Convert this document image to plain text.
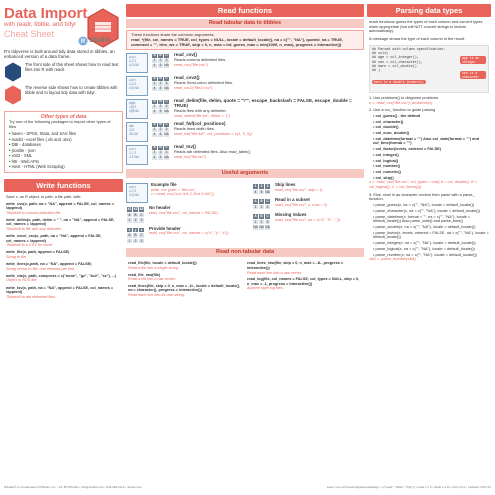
Data Import
with readr, tibble, and tidyr
Cheat Sheet
R Studio
R's tidyverse is built around tidy data stored in tibbles, an enhanced version of a data frame.
The front side of this sheet shows how to read text files into R with readr.
The reverse side shows how to create tibbles with tibble and to layout tidy data with tidyr.
Other types of data
Try one of the following packages to import other types of files
• haven - SPSS, Stata, and SAS files
• readxl - excel files (.xls and .xlsx)
• DBI - databases
• jsonlite - json
• xml2 - XML
• httr - Web APIs
• rvest - HTML (Web Scraping)
Write functions
Save x, an R object, to path, a file path, with:
write_csv(x, path, na = "NA", append = FALSE, col_names = !append)
Tibble/df to comma delimited file.
write_delim(x, path, delim = " ", na = "NA", append = FALSE, col_names = !append)
Tibble/df to file with any delimiter.
write_excel_csv(x, path, na = "NA", append = FALSE, col_names = !append)
Tibble/df to a CSV for excel
write_file(x, path, append = FALSE)
String to file.
write_lines(x,path, na = "NA", append = FALSE)
String vector to file, one element per line.
write_rds(x, path, compress = c("none", "gz", "bz2", "xz"), ...)
Object to RDS file.
write_tsv(x, path, na = "NA", append = FALSE, col_names = !append)
Tibble/df to tab delimited files.
Read functions
Read tabular data to tibbles
These functions share the common arguments:
read_*(file, col_names = TRUE, col_types = NULL, locale = default_locale(), na = c("", "NA"), quoted_na = TRUE, comment = "", trim_ws = TRUE, skip = 0, n_max = Inf, guess_max = min(1000, n_max), progress = interactive())
a,b,c
1,2,3
4,5,NA
A	B	C
1	2	3
4	5	NA
read_csv()
Reads comma delimited files.
read_csv("file.csv")
a;b;c
1;2;3
4;5;NA
A	B	C
1	2	3
4	5	NA
read_csv2()
Reads Semi-colon delimited files.
read_csv2("file2.csv")
a|b|c
1|2|3
4|5|NA
A	B	C
1	2	3
4	5	NA
read_delim(file, delim, quote = "\"", escape_backslash = FALSE, escape_double = TRUE)
Reads files with any delimiter.
read_delim("file.txt", delim = "|")
abc
123
45 NA
A	B	C
1	2	3
4	5	NA
read_fwf(col_positions)
Reads fixed width files.
read_fwf("file.fwf", col_positions = c(1, 3, 5))
a b c
1 2 3
4 5 NA
A	B	C
1	2	3
4	5	NA
read_tsv()
Reads tab delimited files. Also read_table().
read_tsv("file.tsv")
Useful arguments
a,b,c
1,2,3
4,5,NA
Example file
write_csv (path = "file.csv",
x = read_csv("a,b,c\n1,2,3\n4,5,NA"))
X1	X2	X3
A	B	C
1	2	3
No header
read_csv("file.csv", col_names = FALSE)
x	y	z
A	B	C
1	2	3
Provide header
read_csv("file.csv", col_names = c("x", "y", "z"))
1	2	3
4	5	NA
Skip lines
read_csv("file.csv", skip = 1)
A	B	C
1	2	3
Read in a subset
read_csv("file.csv", n_max = 1)
A	B	C
1	2	3
NA	NA	NA
Missing Values
read_csv("file.csv", na = c("4", "5", "."))
Read non-tabular data
read_file(file, locale = default_locale())
Read a file into a single string.
read_file_raw(file)
Read a file into a raw vector.
read_lines(file, skip = 0, n_max = -1L, locale = default_locale(), na = character(), progress = interactive())
Read each line into its own string.
read_lines_raw(file, skip = 0, n_max = -1L, progress = interactive())
Read each line into a raw vector.
read_log(file, col_names = FALSE, col_types = NULL, skip = 0, n_max = -1, progress = interactive())
Apache style log files.
Parsing data types
readr functions guess the types of each column and convert types when appropriate (but will NOT convert strings to factors automatically).
A message shows the type of each column in the result.
## Parsed with column specification:
## cols(
## age = col_integer(),
## sex = col_character(),
## earn = col_double()
## )
age is an integer
earn is a double (numeric)
sex is a character
1. Use problems() to diagnose problems
x <- read_csv("file.csv"); problems(x)
2. Use a col_ function to guide parsing
• col_guess() - the default
• col_character()
• col_double()
• col_euro_double()
• col_datetime(format = "") Also col_date(format = "") and col_time(format = "")
• col_factor(levels, ordered = FALSE)
• col_integer()
• col_logical()
• col_number()
• col_numeric()
• col_skip()
x <- read_csv("file.csv", col_types = cols( A = col_double(), B = col_logical(), C = col_factor()))
3. Else, read in as character vectors then parse with a parse_ function.
• parse_guess(x, na = c("", "NA"), locale = default_locale())
• parse_character(x, na = c("", "NA"), locale = default_locale())
• parse_datetime(x, format = "", na = c("", "NA"), locale = default_locale()) Also parse_date() and parse_time()
• parse_double(x, na = c("", "NA"), locale = default_locale())
• parse_factor(x, levels, ordered = FALSE, na = c("", "NA"), locale = default_locale())
• parse_integer(x, na = c("", "NA"), locale = default_locale())
• parse_logical(x, na = c("", "NA"), locale = default_locale())
• parse_number(x, na = c("", "NA"), locale = default_locale())
x$A <- parse_number(x$A)
RStudio® is a trademark of RStudio, Inc. • CC BY RStudio • info@rstudio.com • 844-448-1212 • rstudio.com	Learn more at browseVignettes(package = c("readr", "tibble", "tidyr")) • readr 1.1.0 • tibble 1.2.12 • tidyr 0.6.0 • Updated: 2017-01
